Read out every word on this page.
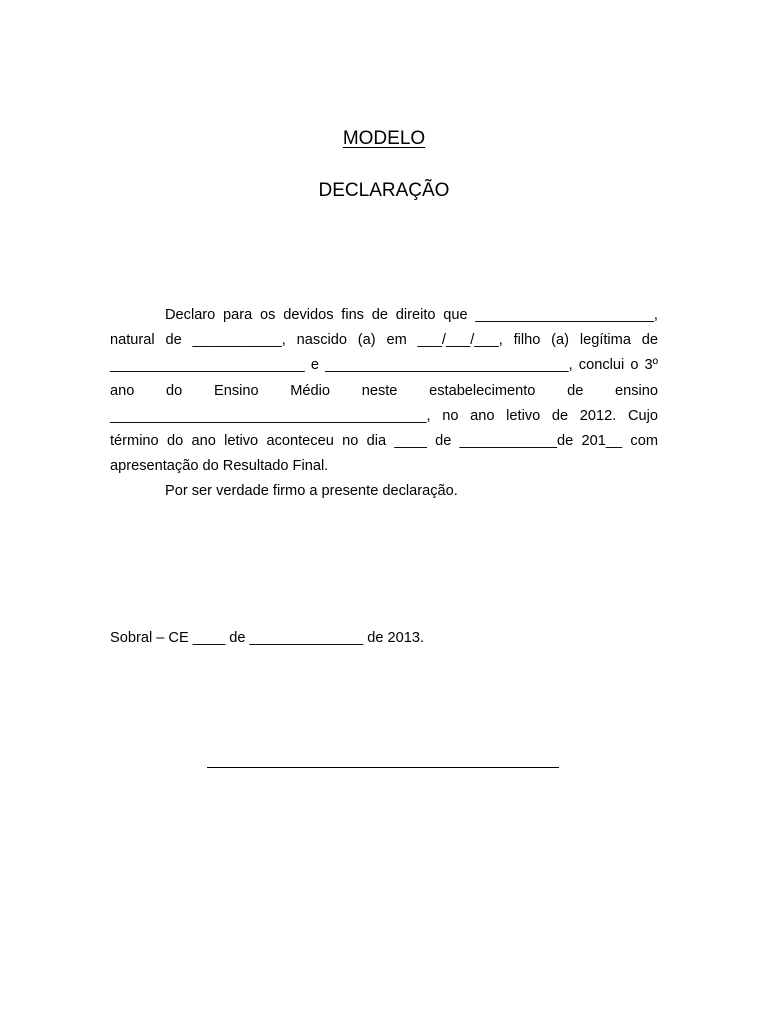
MODELO
DECLARAÇÃO

Declaro para os devidos fins de direito que ______________________, natural de ___________, nascido (a) em ___/___/___, filho (a) legítima de ________________________ e ______________________________, conclui o 3º ano do Ensino Médio neste estabelecimento de ensino _______________________________________, no ano letivo de 2012. Cujo término do ano letivo aconteceu no dia ____ de ____________de 201__ com apresentação do Resultado Final.

Por ser verdade firmo a presente declaração.

Sobral – CE ____ de ______________ de 2013.
